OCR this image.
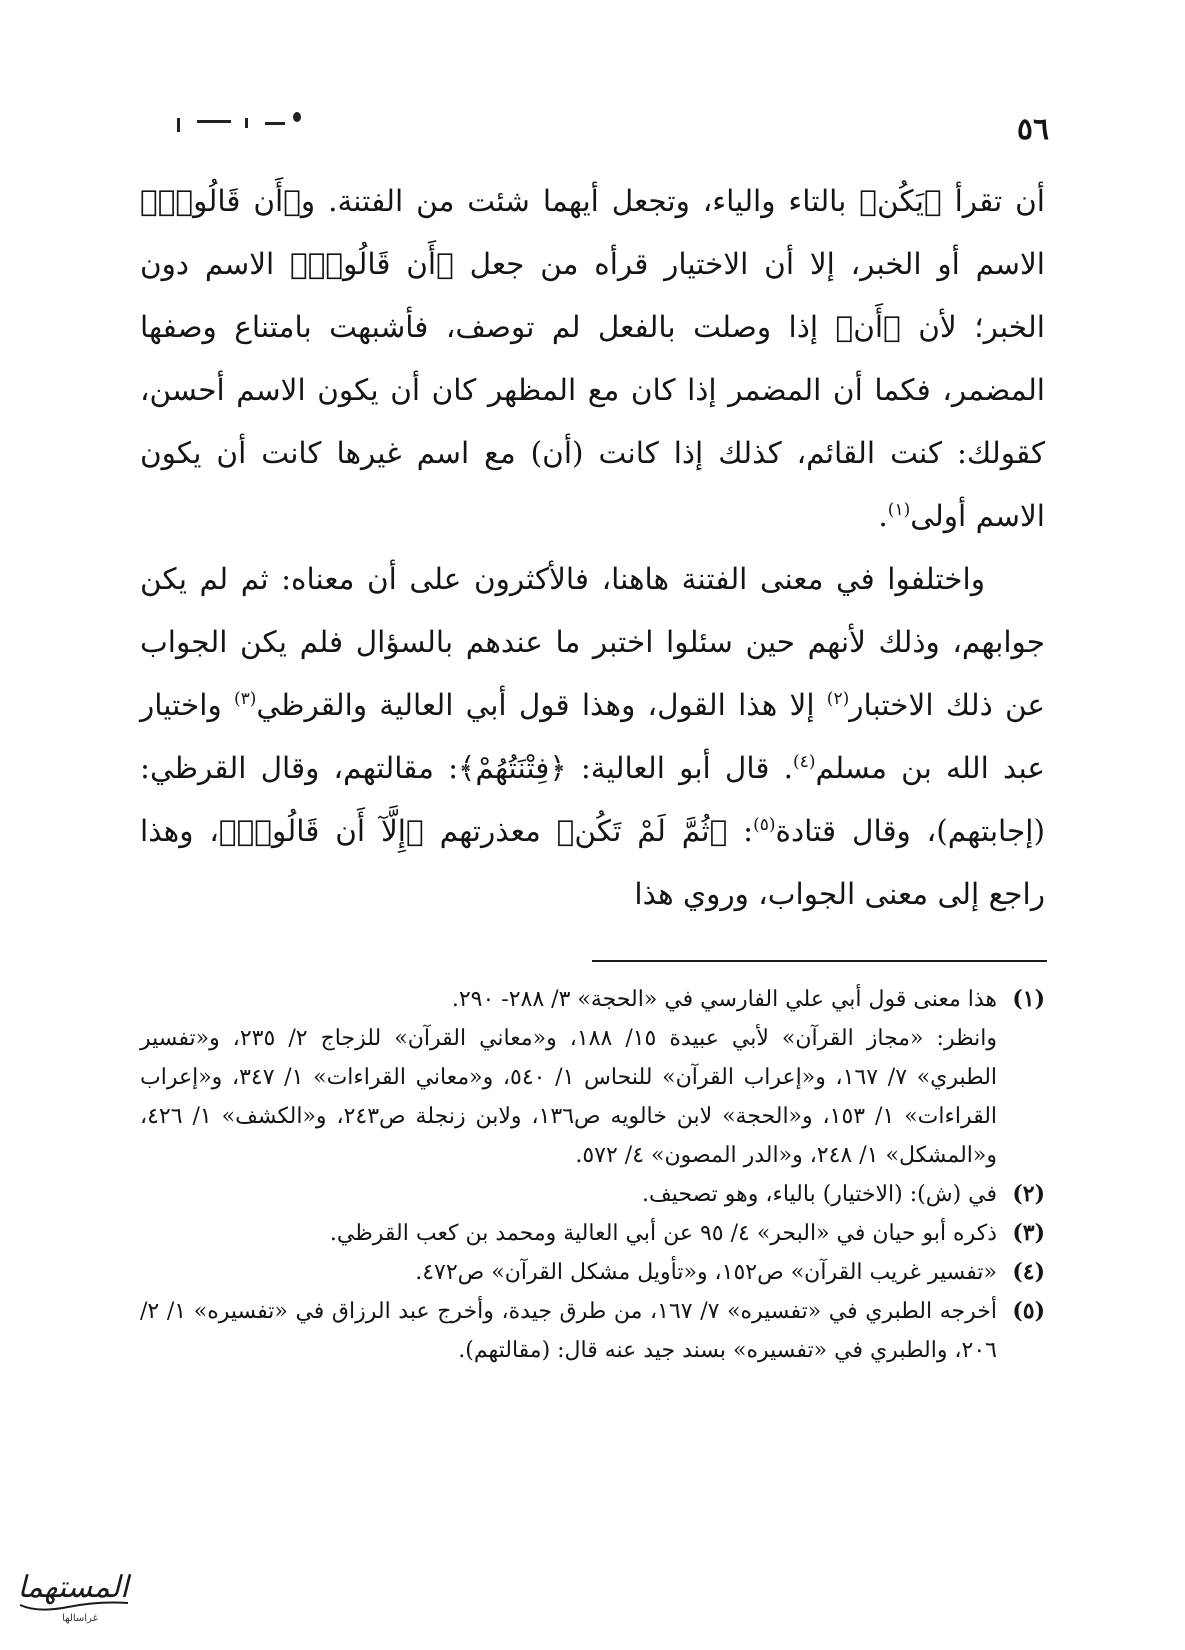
٥٦

أن تقرأ ﴿يَكُن﴾ بالتاء والياء، وتجعل أيهما شئت من الفتنة. و﴿أَن قَالُوا۟﴾ الاسم أو الخبر، إلا أن الاختيار قرأه من جعل ﴿أَن قَالُوا۟﴾ الاسم دون الخبر؛ لأن ﴿أَن﴾ إذا وصلت بالفعل لم توصف، فأشبهت بامتناع وصفها المضمر، فكما أن المضمر إذا كان مع المظهر كان أن يكون الاسم أحسن، كقولك: كنت القائم، كذلك إذا كانت (أن) مع اسم غيرها كانت أن يكون الاسم أولى$^{(١)}$.

واختلفوا في معنى الفتنة هاهنا، فالأكثرون على أن معناه: ثم لم يكن جوابهم، وذلك لأنهم حين سئلوا اختبر ما عندهم بالسؤال فلم يكن الجواب عن ذلك الاختبار$^{(٢)}$ إلا هذا القول، وهذا قول أبي العالية والقرظي$^{(٣)}$ واختيار عبد الله بن مسلم$^{(٤)}$. قال أبو العالية: ﴿فِتْنَتُهُمْ﴾: مقالتهم، وقال القرظي: (إجابتهم)، وقال قتادة$^{(٥)}$: ﴿ثُمَّ لَمْ تَكُن﴾ معذرتهم ﴿إِلَّآ أَن قَالُوا۟﴾، وهذا راجع إلى معنى الجواب، وروي هذا

(١)
هذا معنى قول أبي علي الفارسي في «الحجة» ٣/ ٢٨٨- ٢٩٠.
وانظر: «مجاز القرآن» لأبي عبيدة ١٥/ ١٨٨، و«معاني القرآن» للزجاج ٢/ ٢٣٥، و«تفسير الطبري» ٧/ ١٦٧، و«إعراب القرآن» للنحاس ١/ ٥٤٠، و«معاني القراءات» ١/ ٣٤٧، و«إعراب القراءات» ١/ ١٥٣، و«الحجة» لابن خالويه ص١٣٦، ولابن زنجلة ص٢٤٣، و«الكشف» ١/ ٤٢٦، و«المشكل» ١/ ٢٤٨، و«الدر المصون» ٤/ ٥٧٢.
(٢)
في (ش): (الاختيار) بالياء، وهو تصحيف.
(٣)
ذكره أبو حيان في «البحر» ٤/ ٩٥ عن أبي العالية ومحمد بن كعب القرظي.
(٤)
«تفسير غريب القرآن» ص١٥٢، و«تأويل مشكل القرآن» ص٤٧٢.
(٥)
أخرجه الطبري في «تفسيره» ٧/ ١٦٧، من طرق جيدة، وأخرج عبد الرزاق في «تفسيره» ١/ ٢/ ٢٠٦، والطبري في «تفسيره» بسند جيد عنه قال: (مقالتهم).
المستهما
غراسالها
